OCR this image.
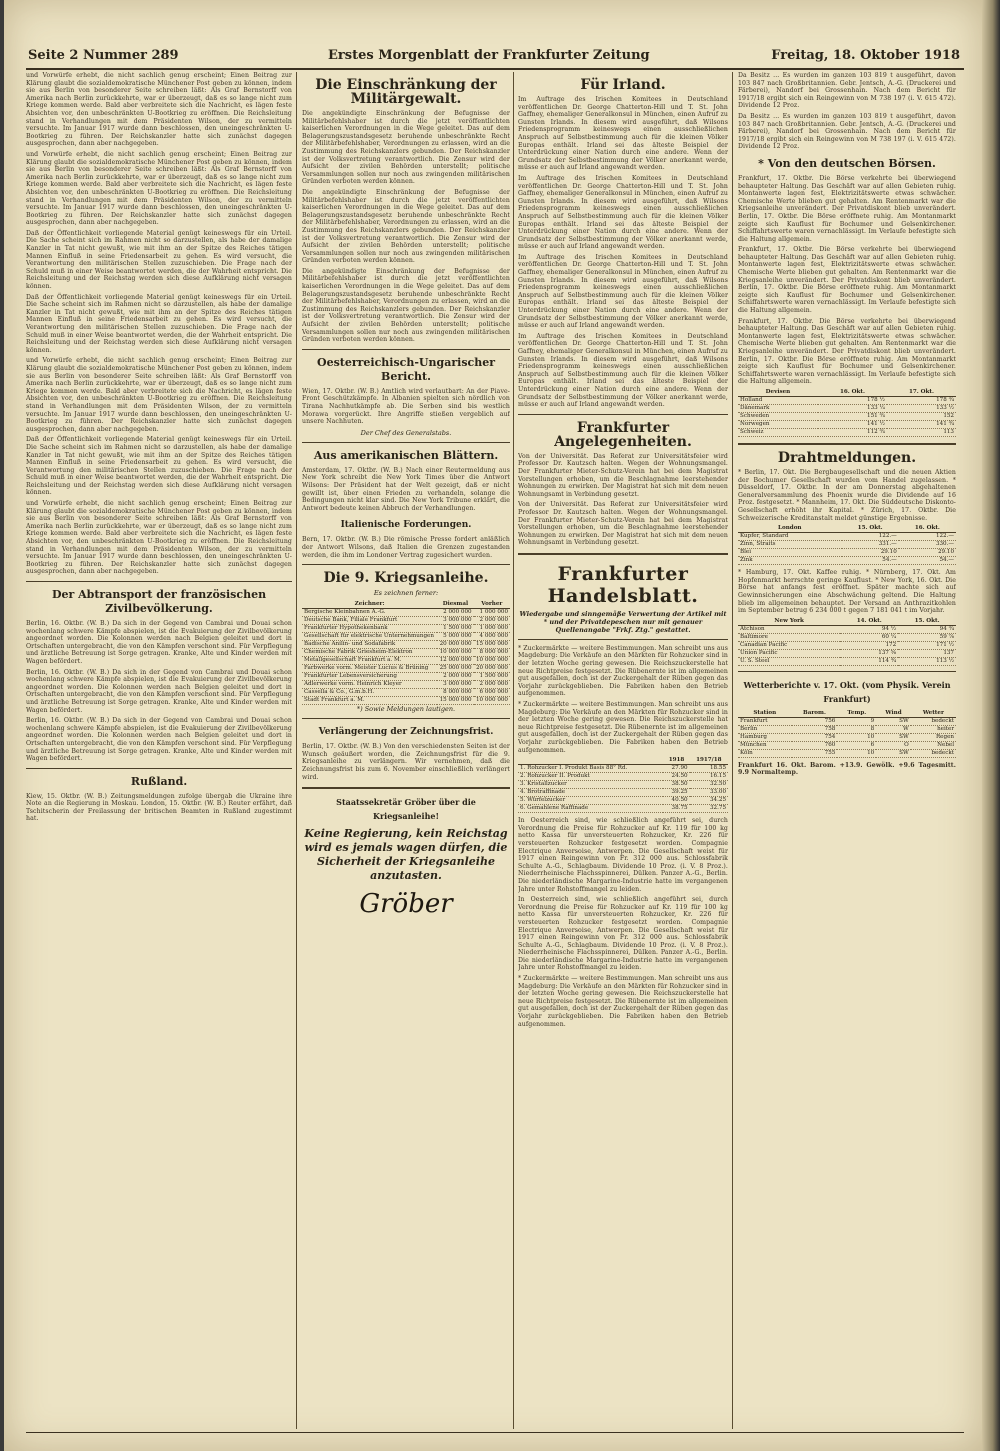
Seite 2 Nummer 289	Erstes Morgenblatt der Frankfurter Zeitung	Freitag, 18. Oktober 1918

und Vorwürfe erhebt, die nicht sachlich genug erscheint; Einen Beitrag zur Klärung glaubt die sozialdemokratische Münchener Post geben zu können, indem sie aus Berlin von besonderer Seite schreiben läßt: Als Graf Bernstorff von Amerika nach Berlin zurückkehrte, war er überzeugt, daß es so lange nicht zum Kriege kommen werde. Bald aber verbreitete sich die Nachricht, es lägen feste Absichten vor, den unbeschränkten U-Bootkrieg zu eröffnen. Die Reichsleitung stand in Verhandlungen mit dem Präsidenten Wilson, der zu vermitteln versuchte. Im Januar 1917 wurde dann beschlossen, den uneingeschränkten U-Bootkrieg zu führen. Der Reichskanzler hatte sich zunächst dagegen ausgesprochen, dann aber nachgegeben.

und Vorwürfe erhebt, die nicht sachlich genug erscheint; Einen Beitrag zur Klärung glaubt die sozialdemokratische Münchener Post geben zu können, indem sie aus Berlin von besonderer Seite schreiben läßt: Als Graf Bernstorff von Amerika nach Berlin zurückkehrte, war er überzeugt, daß es so lange nicht zum Kriege kommen werde. Bald aber verbreitete sich die Nachricht, es lägen feste Absichten vor, den unbeschränkten U-Bootkrieg zu eröffnen. Die Reichsleitung stand in Verhandlungen mit dem Präsidenten Wilson, der zu vermitteln versuchte. Im Januar 1917 wurde dann beschlossen, den uneingeschränkten U-Bootkrieg zu führen. Der Reichskanzler hatte sich zunächst dagegen ausgesprochen, dann aber nachgegeben.

Daß der Öffentlichkeit vorliegende Material genügt keineswegs für ein Urteil. Die Sache scheint sich im Rahmen nicht so darzustellen, als habe der damalige Kanzler in Tat nicht gewußt, wie mit ihm an der Spitze des Reiches tätigen Mannen Einfluß in seine Friedensarbeit zu gehen. Es wird versucht, die Verantwortung den militärischen Stellen zuzuschieben. Die Frage nach der Schuld muß in einer Weise beantwortet werden, die der Wahrheit entspricht. Die Reichsleitung und der Reichstag werden sich diese Aufklärung nicht versagen können.

Daß der Öffentlichkeit vorliegende Material genügt keineswegs für ein Urteil. Die Sache scheint sich im Rahmen nicht so darzustellen, als habe der damalige Kanzler in Tat nicht gewußt, wie mit ihm an der Spitze des Reiches tätigen Mannen Einfluß in seine Friedensarbeit zu gehen. Es wird versucht, die Verantwortung den militärischen Stellen zuzuschieben. Die Frage nach der Schuld muß in einer Weise beantwortet werden, die der Wahrheit entspricht. Die Reichsleitung und der Reichstag werden sich diese Aufklärung nicht versagen können.

und Vorwürfe erhebt, die nicht sachlich genug erscheint; Einen Beitrag zur Klärung glaubt die sozialdemokratische Münchener Post geben zu können, indem sie aus Berlin von besonderer Seite schreiben läßt: Als Graf Bernstorff von Amerika nach Berlin zurückkehrte, war er überzeugt, daß es so lange nicht zum Kriege kommen werde. Bald aber verbreitete sich die Nachricht, es lägen feste Absichten vor, den unbeschränkten U-Bootkrieg zu eröffnen. Die Reichsleitung stand in Verhandlungen mit dem Präsidenten Wilson, der zu vermitteln versuchte. Im Januar 1917 wurde dann beschlossen, den uneingeschränkten U-Bootkrieg zu führen. Der Reichskanzler hatte sich zunächst dagegen ausgesprochen, dann aber nachgegeben.

Daß der Öffentlichkeit vorliegende Material genügt keineswegs für ein Urteil. Die Sache scheint sich im Rahmen nicht so darzustellen, als habe der damalige Kanzler in Tat nicht gewußt, wie mit ihm an der Spitze des Reiches tätigen Mannen Einfluß in seine Friedensarbeit zu gehen. Es wird versucht, die Verantwortung den militärischen Stellen zuzuschieben. Die Frage nach der Schuld muß in einer Weise beantwortet werden, die der Wahrheit entspricht. Die Reichsleitung und der Reichstag werden sich diese Aufklärung nicht versagen können.

und Vorwürfe erhebt, die nicht sachlich genug erscheint; Einen Beitrag zur Klärung glaubt die sozialdemokratische Münchener Post geben zu können, indem sie aus Berlin von besonderer Seite schreiben läßt: Als Graf Bernstorff von Amerika nach Berlin zurückkehrte, war er überzeugt, daß es so lange nicht zum Kriege kommen werde. Bald aber verbreitete sich die Nachricht, es lägen feste Absichten vor, den unbeschränkten U-Bootkrieg zu eröffnen. Die Reichsleitung stand in Verhandlungen mit dem Präsidenten Wilson, der zu vermitteln versuchte. Im Januar 1917 wurde dann beschlossen, den uneingeschränkten U-Bootkrieg zu führen. Der Reichskanzler hatte sich zunächst dagegen ausgesprochen, dann aber nachgegeben.

Der Abtransport der französischen Zivilbevölkerung.

Berlin, 16. Oktbr. (W. B.) Da sich in der Gegend von Cambrai und Douai schon wochenlang schwere Kämpfe abspielen, ist die Evakuierung der Zivilbevölkerung angeordnet worden. Die Kolonnen werden nach Belgien geleitet und dort in Ortschaften untergebracht, die von den Kämpfen verschont sind. Für Verpflegung und ärztliche Betreuung ist Sorge getragen. Kranke, Alte und Kinder werden mit Wagen befördert.

Berlin, 16. Oktbr. (W. B.) Da sich in der Gegend von Cambrai und Douai schon wochenlang schwere Kämpfe abspielen, ist die Evakuierung der Zivilbevölkerung angeordnet worden. Die Kolonnen werden nach Belgien geleitet und dort in Ortschaften untergebracht, die von den Kämpfen verschont sind. Für Verpflegung und ärztliche Betreuung ist Sorge getragen. Kranke, Alte und Kinder werden mit Wagen befördert.

Berlin, 16. Oktbr. (W. B.) Da sich in der Gegend von Cambrai und Douai schon wochenlang schwere Kämpfe abspielen, ist die Evakuierung der Zivilbevölkerung angeordnet worden. Die Kolonnen werden nach Belgien geleitet und dort in Ortschaften untergebracht, die von den Kämpfen verschont sind. Für Verpflegung und ärztliche Betreuung ist Sorge getragen. Kranke, Alte und Kinder werden mit Wagen befördert.

Rußland.

Kiew, 15. Oktbr. (W. B.) Zeitungsmeldungen zufolge übergab die Ukraine ihre Note an die Regierung in Moskau. London, 15. Oktbr. (W. B.) Reuter erfährt, daß Tschitscherin der Freilassung der britischen Beamten in Rußland zugestimmt hat.

Die Einschränkung der Militärgewalt.

Die angekündigte Einschränkung der Befugnisse der Militärbefehlshaber ist durch die jetzt veröffentlichten kaiserlichen Verordnungen in die Wege geleitet. Das auf dem Belagerungszustandsgesetz beruhende unbeschränkte Recht der Militärbefehlshaber, Verordnungen zu erlassen, wird an die Zustimmung des Reichskanzlers gebunden. Der Reichskanzler ist der Volksvertretung verantwortlich. Die Zensur wird der Aufsicht der zivilen Behörden unterstellt; politische Versammlungen sollen nur noch aus zwingenden militärischen Gründen verboten werden können.

Die angekündigte Einschränkung der Befugnisse der Militärbefehlshaber ist durch die jetzt veröffentlichten kaiserlichen Verordnungen in die Wege geleitet. Das auf dem Belagerungszustandsgesetz beruhende unbeschränkte Recht der Militärbefehlshaber, Verordnungen zu erlassen, wird an die Zustimmung des Reichskanzlers gebunden. Der Reichskanzler ist der Volksvertretung verantwortlich. Die Zensur wird der Aufsicht der zivilen Behörden unterstellt; politische Versammlungen sollen nur noch aus zwingenden militärischen Gründen verboten werden können.

Die angekündigte Einschränkung der Befugnisse der Militärbefehlshaber ist durch die jetzt veröffentlichten kaiserlichen Verordnungen in die Wege geleitet. Das auf dem Belagerungszustandsgesetz beruhende unbeschränkte Recht der Militärbefehlshaber, Verordnungen zu erlassen, wird an die Zustimmung des Reichskanzlers gebunden. Der Reichskanzler ist der Volksvertretung verantwortlich. Die Zensur wird der Aufsicht der zivilen Behörden unterstellt; politische Versammlungen sollen nur noch aus zwingenden militärischen Gründen verboten werden können.

Oesterreichisch-Ungarischer Bericht.

Wien, 17. Oktbr. (W. B.) Amtlich wird verlautbart: An der Piave-Front Geschützkämpfe. In Albanien spielten sich nördlich von Tirana Nachhutkämpfe ab. Die Serben sind bis westlich Morawa vorgerückt. Ihre Angriffe stießen vergeblich auf unsere Nachhuten.

Der Chef des Generalstabs.

Aus amerikanischen Blättern.

Amsterdam, 17. Oktbr. (W. B.) Nach einer Reutermeldung aus New York schreibt die New York Times über die Antwort Wilsons: Der Präsident hat der Welt gezeigt, daß er nicht gewillt ist, über einen Frieden zu verhandeln, solange die Bedingungen nicht klar sind. Die New York Tribune erklärt, die Antwort bedeute keinen Abbruch der Verhandlungen.

Italienische Forderungen.

Bern, 17. Oktbr. (W. B.) Die römische Presse fordert anläßlich der Antwort Wilsons, daß Italien die Grenzen zugestanden werden, die ihm im Londoner Vertrag zugesichert wurden.

Die 9. Kriegsanleihe.
Es zeichnen ferner:
Zeichner:	Diesmal	Vorher
Bergische Kleinbahnen A.-G.	2 000 000	1 000 000
Deutsche Bank, Filiale Frankfurt	3 000 000	2 000 000
Frankfurter Hypothekenbank	1 500 000	1 000 000
Gesellschaft für elektrische Unternehmungen	5 000 000	4 000 000
Badische Anilin- und Sodafabrik	20 000 000	15 000 000
Chemische Fabrik Griesheim-Elektron	10 000 000	8 000 000
Metallgesellschaft Frankfurt a. M.	12 000 000	10 000 000
Farbwerke vorm. Meister Lucius & Brüning	25 000 000	20 000 000
Frankfurter Lebensversicherung	2 000 000	1 500 000
Adlerwerke vorm. Heinrich Kleyer	3 000 000	2 000 000
Cassella & Co., G.m.b.H.	8 000 000	6 000 000
Stadt Frankfurt a. M.	15 000 000	10 000 000

*) Sowie Meldungen lautigen.

Verlängerung der Zeichnungsfrist.

Berlin, 17. Oktbr. (W. B.) Von den verschiedensten Seiten ist der Wunsch geäußert worden, die Zeichnungsfrist für die 9. Kriegsanleihe zu verlängern. Wir vernehmen, daß die Zeichnungsfrist bis zum 6. November einschließlich verlängert wird.

Staatssekretär Gröber über die Kriegsanleihe!
Keine Regierung, kein Reichstag wird es jemals wagen dürfen, die Sicherheit der Kriegsanleihe anzutasten.
Gröber
Für Irland.

Im Auftrage des Irischen Komitees in Deutschland veröffentlichen Dr. George Chatterton-Hill und T. St. John Gaffney, ehemaliger Generalkonsul in München, einen Aufruf zu Gunsten Irlands. In diesem wird ausgeführt, daß Wilsons Friedensprogramm keineswegs einen ausschließlichen Anspruch auf Selbstbestimmung auch für die kleinen Völker Europas enthält. Irland sei das älteste Beispiel der Unterdrückung einer Nation durch eine andere. Wenn der Grundsatz der Selbstbestimmung der Völker anerkannt werde, müsse er auch auf Irland angewandt werden.

Im Auftrage des Irischen Komitees in Deutschland veröffentlichen Dr. George Chatterton-Hill und T. St. John Gaffney, ehemaliger Generalkonsul in München, einen Aufruf zu Gunsten Irlands. In diesem wird ausgeführt, daß Wilsons Friedensprogramm keineswegs einen ausschließlichen Anspruch auf Selbstbestimmung auch für die kleinen Völker Europas enthält. Irland sei das älteste Beispiel der Unterdrückung einer Nation durch eine andere. Wenn der Grundsatz der Selbstbestimmung der Völker anerkannt werde, müsse er auch auf Irland angewandt werden.

Im Auftrage des Irischen Komitees in Deutschland veröffentlichen Dr. George Chatterton-Hill und T. St. John Gaffney, ehemaliger Generalkonsul in München, einen Aufruf zu Gunsten Irlands. In diesem wird ausgeführt, daß Wilsons Friedensprogramm keineswegs einen ausschließlichen Anspruch auf Selbstbestimmung auch für die kleinen Völker Europas enthält. Irland sei das älteste Beispiel der Unterdrückung einer Nation durch eine andere. Wenn der Grundsatz der Selbstbestimmung der Völker anerkannt werde, müsse er auch auf Irland angewandt werden.

Im Auftrage des Irischen Komitees in Deutschland veröffentlichen Dr. George Chatterton-Hill und T. St. John Gaffney, ehemaliger Generalkonsul in München, einen Aufruf zu Gunsten Irlands. In diesem wird ausgeführt, daß Wilsons Friedensprogramm keineswegs einen ausschließlichen Anspruch auf Selbstbestimmung auch für die kleinen Völker Europas enthält. Irland sei das älteste Beispiel der Unterdrückung einer Nation durch eine andere. Wenn der Grundsatz der Selbstbestimmung der Völker anerkannt werde, müsse er auch auf Irland angewandt werden.

Frankfurter Angelegenheiten.

Von der Universität. Das Referat zur Universitätsfeier wird Professor Dr. Kautzsch halten. Wegen der Wohnungsmangel. Der Frankfurter Mieter-Schutz-Verein hat bei dem Magistrat Vorstellungen erhoben, um die Beschlagnahme leerstehender Wohnungen zu erwirken. Der Magistrat hat sich mit dem neuen Wohnungsamt in Verbindung gesetzt.

Von der Universität. Das Referat zur Universitätsfeier wird Professor Dr. Kautzsch halten. Wegen der Wohnungsmangel. Der Frankfurter Mieter-Schutz-Verein hat bei dem Magistrat Vorstellungen erhoben, um die Beschlagnahme leerstehender Wohnungen zu erwirken. Der Magistrat hat sich mit dem neuen Wohnungsamt in Verbindung gesetzt.

Frankfurter Handelsblatt.

Wiedergabe und sinngemäße Verwertung der Artikel mit * und der Privatdepeschen nur mit genauer Quellenangabe "Frkf. Ztg." gestattet.

* Zuckermärkte — weitere Bestimmungen. Man schreibt uns aus Magdeburg: Die Verkäufe an den Märkten für Rohzucker sind in der letzten Woche gering gewesen. Die Reichszuckerstelle hat neue Richtpreise festgesetzt. Die Rübenernte ist im allgemeinen gut ausgefallen, doch ist der Zuckergehalt der Rüben gegen das Vorjahr zurückgeblieben. Die Fabriken haben den Betrieb aufgenommen.

* Zuckermärkte — weitere Bestimmungen. Man schreibt uns aus Magdeburg: Die Verkäufe an den Märkten für Rohzucker sind in der letzten Woche gering gewesen. Die Reichszuckerstelle hat neue Richtpreise festgesetzt. Die Rübenernte ist im allgemeinen gut ausgefallen, doch ist der Zuckergehalt der Rüben gegen das Vorjahr zurückgeblieben. Die Fabriken haben den Betrieb aufgenommen.

	1918	1917/18
1. Rohzucker I. Produkt Basis 88° Rd.	27.90	18.55
2. Rohzucker II. Produkt	24.50	16.15
3. Kristallzucker	38.50	32.50
4. Brotraffinade	39.25	33.00
5. Würfelzucker	40.50	34.25
6. Gemahlene Raffinade	38.75	32.75

In Oesterreich sind, wie schließlich angeführt sei, durch Verordnung die Preise für Rohzucker auf Kr. 119 für 100 kg netto Kassa für unversteuerten Rohzucker, Kr. 226 für versteuerten Rohzucker festgesetzt worden. Compagnie Electrique Anversoise, Antwerpen. Die Gesellschaft weist für 1917 einen Reingewinn von Fr. 312 000 aus. Schlossfabrik Schulte A.-G., Schlagbaum. Dividende 10 Proz. (i. V. 8 Proz.). Niederrheinische Flachsspinnerei, Dülken. Panzer A.-G., Berlin. Die niederländische Margarine-Industrie hatte im vergangenen Jahre unter Rohstoffmangel zu leiden.

In Oesterreich sind, wie schließlich angeführt sei, durch Verordnung die Preise für Rohzucker auf Kr. 119 für 100 kg netto Kassa für unversteuerten Rohzucker, Kr. 226 für versteuerten Rohzucker festgesetzt worden. Compagnie Electrique Anversoise, Antwerpen. Die Gesellschaft weist für 1917 einen Reingewinn von Fr. 312 000 aus. Schlossfabrik Schulte A.-G., Schlagbaum. Dividende 10 Proz. (i. V. 8 Proz.). Niederrheinische Flachsspinnerei, Dülken. Panzer A.-G., Berlin. Die niederländische Margarine-Industrie hatte im vergangenen Jahre unter Rohstoffmangel zu leiden.

* Zuckermärkte — weitere Bestimmungen. Man schreibt uns aus Magdeburg: Die Verkäufe an den Märkten für Rohzucker sind in der letzten Woche gering gewesen. Die Reichszuckerstelle hat neue Richtpreise festgesetzt. Die Rübenernte ist im allgemeinen gut ausgefallen, doch ist der Zuckergehalt der Rüben gegen das Vorjahr zurückgeblieben. Die Fabriken haben den Betrieb aufgenommen.

Da Besitz ... Es wurden im ganzen 103 819 t ausgeführt, davon 103 847 nach Großbritannien. Gebr. Jentsch, A.-G. (Druckerei und Färberei), Nandorf bei Grossenhain. Nach dem Bericht für 1917/18 ergibt sich ein Reingewinn von M 738 197 (i. V. 615 472). Dividende 12 Proz.

Da Besitz ... Es wurden im ganzen 103 819 t ausgeführt, davon 103 847 nach Großbritannien. Gebr. Jentsch, A.-G. (Druckerei und Färberei), Nandorf bei Grossenhain. Nach dem Bericht für 1917/18 ergibt sich ein Reingewinn von M 738 197 (i. V. 615 472). Dividende 12 Proz.

* Von den deutschen Börsen.

Frankfurt, 17. Oktbr. Die Börse verkehrte bei überwiegend behaupteter Haltung. Das Geschäft war auf allen Gebieten ruhig. Montanwerte lagen fest, Elektrizitätswerte etwas schwächer. Chemische Werte blieben gut gehalten. Am Rentenmarkt war die Kriegsanleihe unverändert. Der Privatdiskont blieb unverändert. Berlin, 17. Oktbr. Die Börse eröffnete ruhig. Am Montanmarkt zeigte sich Kauflust für Bochumer und Gelsenkirchener. Schiffahrtswerte waren vernachlässigt. Im Verlaufe befestigte sich die Haltung allgemein.

Frankfurt, 17. Oktbr. Die Börse verkehrte bei überwiegend behaupteter Haltung. Das Geschäft war auf allen Gebieten ruhig. Montanwerte lagen fest, Elektrizitätswerte etwas schwächer. Chemische Werte blieben gut gehalten. Am Rentenmarkt war die Kriegsanleihe unverändert. Der Privatdiskont blieb unverändert. Berlin, 17. Oktbr. Die Börse eröffnete ruhig. Am Montanmarkt zeigte sich Kauflust für Bochumer und Gelsenkirchener. Schiffahrtswerte waren vernachlässigt. Im Verlaufe befestigte sich die Haltung allgemein.

Frankfurt, 17. Oktbr. Die Börse verkehrte bei überwiegend behaupteter Haltung. Das Geschäft war auf allen Gebieten ruhig. Montanwerte lagen fest, Elektrizitätswerte etwas schwächer. Chemische Werte blieben gut gehalten. Am Rentenmarkt war die Kriegsanleihe unverändert. Der Privatdiskont blieb unverändert. Berlin, 17. Oktbr. Die Börse eröffnete ruhig. Am Montanmarkt zeigte sich Kauflust für Bochumer und Gelsenkirchener. Schiffahrtswerte waren vernachlässigt. Im Verlaufe befestigte sich die Haltung allgemein.

Devisen	16. Okt.	17. Okt.
Holland	178 ½	178 ¾
Dänemark	133 ¼	133 ½
Schweden	151 ¾	152
Norwegen	141 ½	141 ¾
Schweiz	112 ¾	113
Drahtmeldungen.

* Berlin, 17. Okt. Die Bergbaugesellschaft und die neuen Aktien der Bochumer Gesellschaft wurden vom Handel zugelassen. * Düsseldorf, 17. Oktbr. In der am Donnerstag abgehaltenen Generalversammlung des Phoenix wurde die Dividende auf 16 Proz. festgesetzt. * Mannheim, 17. Okt. Die Süddeutsche Diskonto-Gesellschaft erhöht ihr Kapital. * Zürich, 17. Oktbr. Die Schweizerische Kreditanstalt meldet günstige Ergebnisse.

London	15. Okt.	16. Okt.
Kupfer, Standard	122.—	122.—
Zinn, Straits	331.—	330.—
Blei	29.10	29.10
Zink	54.—	54.—

* Hamburg, 17. Okt. Kaffee ruhig. * Nürnberg, 17. Okt. Am Hopfenmarkt herrschte geringe Kauflust. * New York, 16. Okt. Die Börse hat anfangs fest eröffnet. Später machte sich auf Gewinnsicherungen eine Abschwächung geltend. Die Haltung blieb im allgemeinen behauptet. Der Versand an Anthrazitkohlen im September betrug 6 234 000 t gegen 7 181 041 t im Vorjahr.

New York	14. Okt.	15. Okt.
Atchison	94 ½	94 ¾
Baltimore	60 ¼	59 ⅞
Canadian Pacific	172	171 ½
Union Pacific	137 ⅝	137
U. S. Steel	114 ¾	113 ½
Wetterberichte v. 17. Okt. (vom Physik. Verein Frankfurt)
Station	Barom.	Temp.	Wind	Wetter
Frankfurt	756	9	SW	bedeckt
Berlin	758	8	W	heiter
Hamburg	754	10	SW	Regen
München	760	6	O	Nebel
Köln	755	10	SW	bedeckt

Frankfurt 16. Okt. Barom. +13.9. Gewölk. +9.6 Tagesmitt. 9.9 Normaltemp.
